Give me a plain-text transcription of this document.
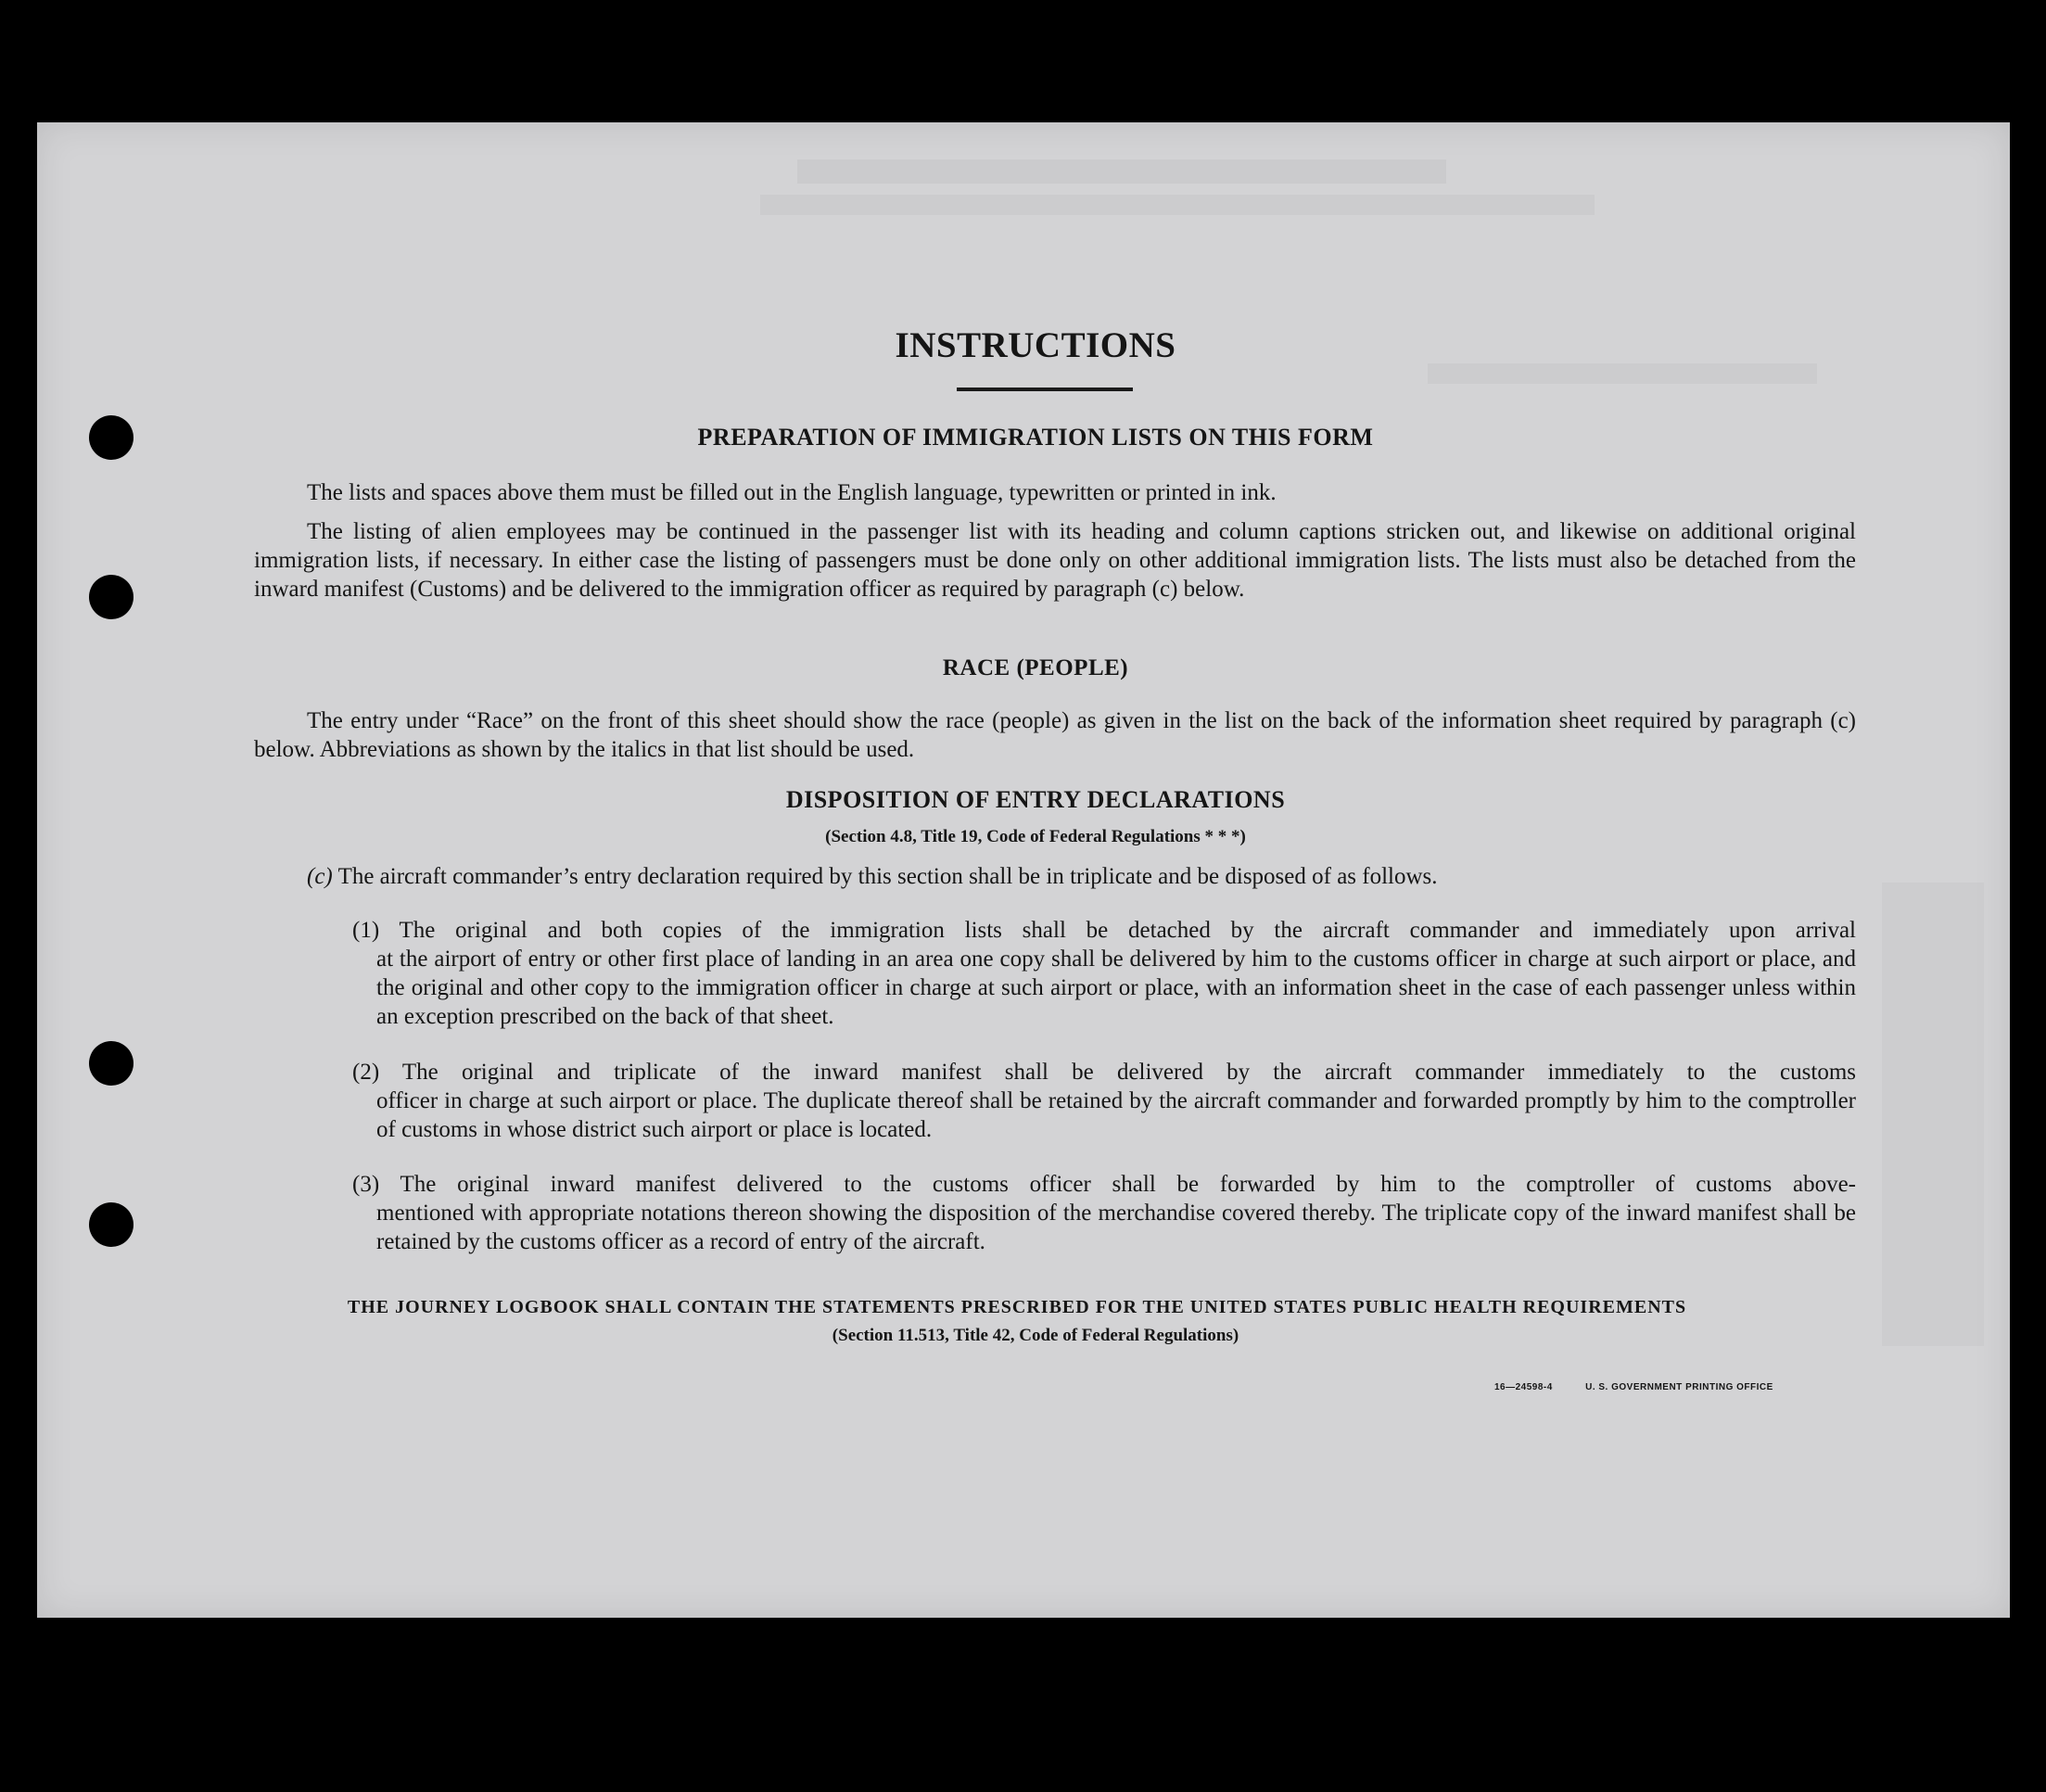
INSTRUCTIONS
PREPARATION OF IMMIGRATION LISTS ON THIS FORM
The lists and spaces above them must be filled out in the English language, typewritten or printed in ink.
The listing of alien employees may be continued in the passenger list with its heading and column captions stricken out, and likewise on additional original immigration lists, if necessary. In either case the listing of passengers must be done only on other additional immigration lists. The lists must also be detached from the inward manifest (Customs) and be delivered to the immigration officer as required by paragraph (c) below.
RACE (PEOPLE)
The entry under “Race” on the front of this sheet should show the race (people) as given in the list on the back of the information sheet required by paragraph (c) below. Abbreviations as shown by the italics in that list should be used.
DISPOSITION OF ENTRY DECLARATIONS
(Section 4.8, Title 19, Code of Federal Regulations * * *)
(c) The aircraft commander’s entry declaration required by this section shall be in triplicate and be disposed of as follows.
(1) The original and both copies of the immigration lists shall be detached by the aircraft commander and immediately upon arrival
at the airport of entry or other first place of landing in an area one copy shall be delivered by him to the customs officer in charge at such airport or place, and the original and other copy to the immigration officer in charge at such airport or place, with an information sheet in the case of each passenger unless within an exception prescribed on the back of that sheet.
(2) The original and triplicate of the inward manifest shall be delivered by the aircraft commander immediately to the customs
officer in charge at such airport or place. The duplicate thereof shall be retained by the aircraft commander and forwarded promptly by him to the comptroller of customs in whose district such airport or place is located.
(3) The original inward manifest delivered to the customs officer shall be forwarded by him to the comptroller of customs above-
mentioned with appropriate notations thereon showing the disposition of the merchandise covered thereby. The triplicate copy of the inward manifest shall be retained by the customs officer as a record of entry of the aircraft.
THE JOURNEY LOGBOOK SHALL CONTAIN THE STATEMENTS PRESCRIBED FOR THE UNITED STATES PUBLIC HEALTH REQUIREMENTS
(Section 11.513, Title 42, Code of Federal Regulations)
16—24598-4	U. S. GOVERNMENT PRINTING OFFICE
